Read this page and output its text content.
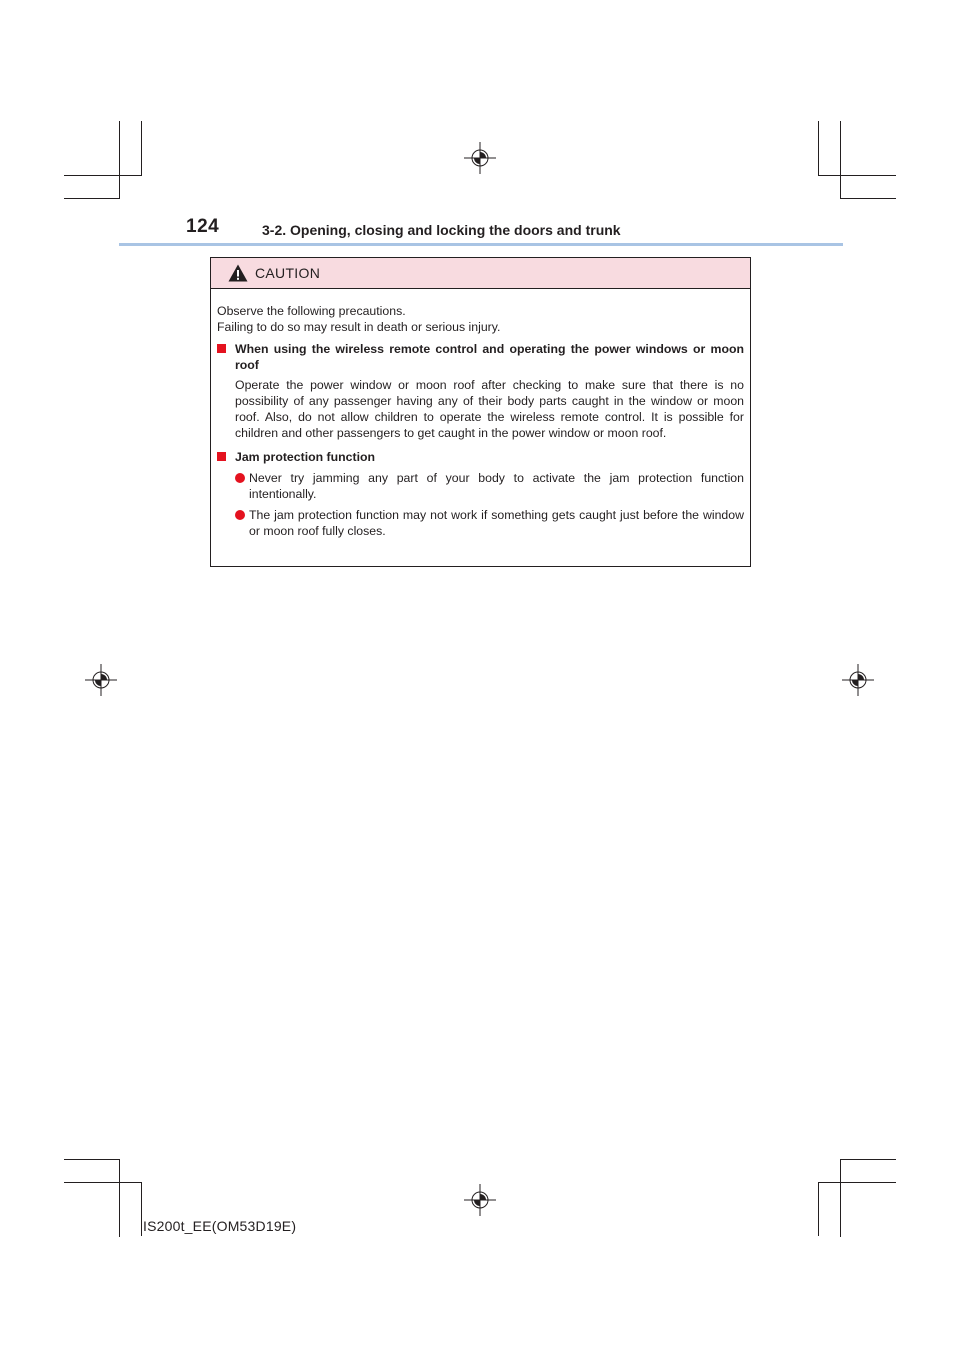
124	3-2. Opening, closing and locking the doors and trunk
CAUTION

Observe the following precautions.

Failing to do so may result in death or serious injury.

When using the wireless remote control and operating the power windows or moon roof
Operate the power window or moon roof after checking to make sure that there is no possibility of any passenger having any of their body parts caught in the window or moon roof. Also, do not allow children to operate the wireless remote control. It is possible for children and other passengers to get caught in the power window or moon roof.
Jam protection function
Never try jamming any part of your body to activate the jam protection function intentionally.
The jam protection function may not work if something gets caught just before the window or moon roof fully closes.
IS200t_EE(OM53D19E)
